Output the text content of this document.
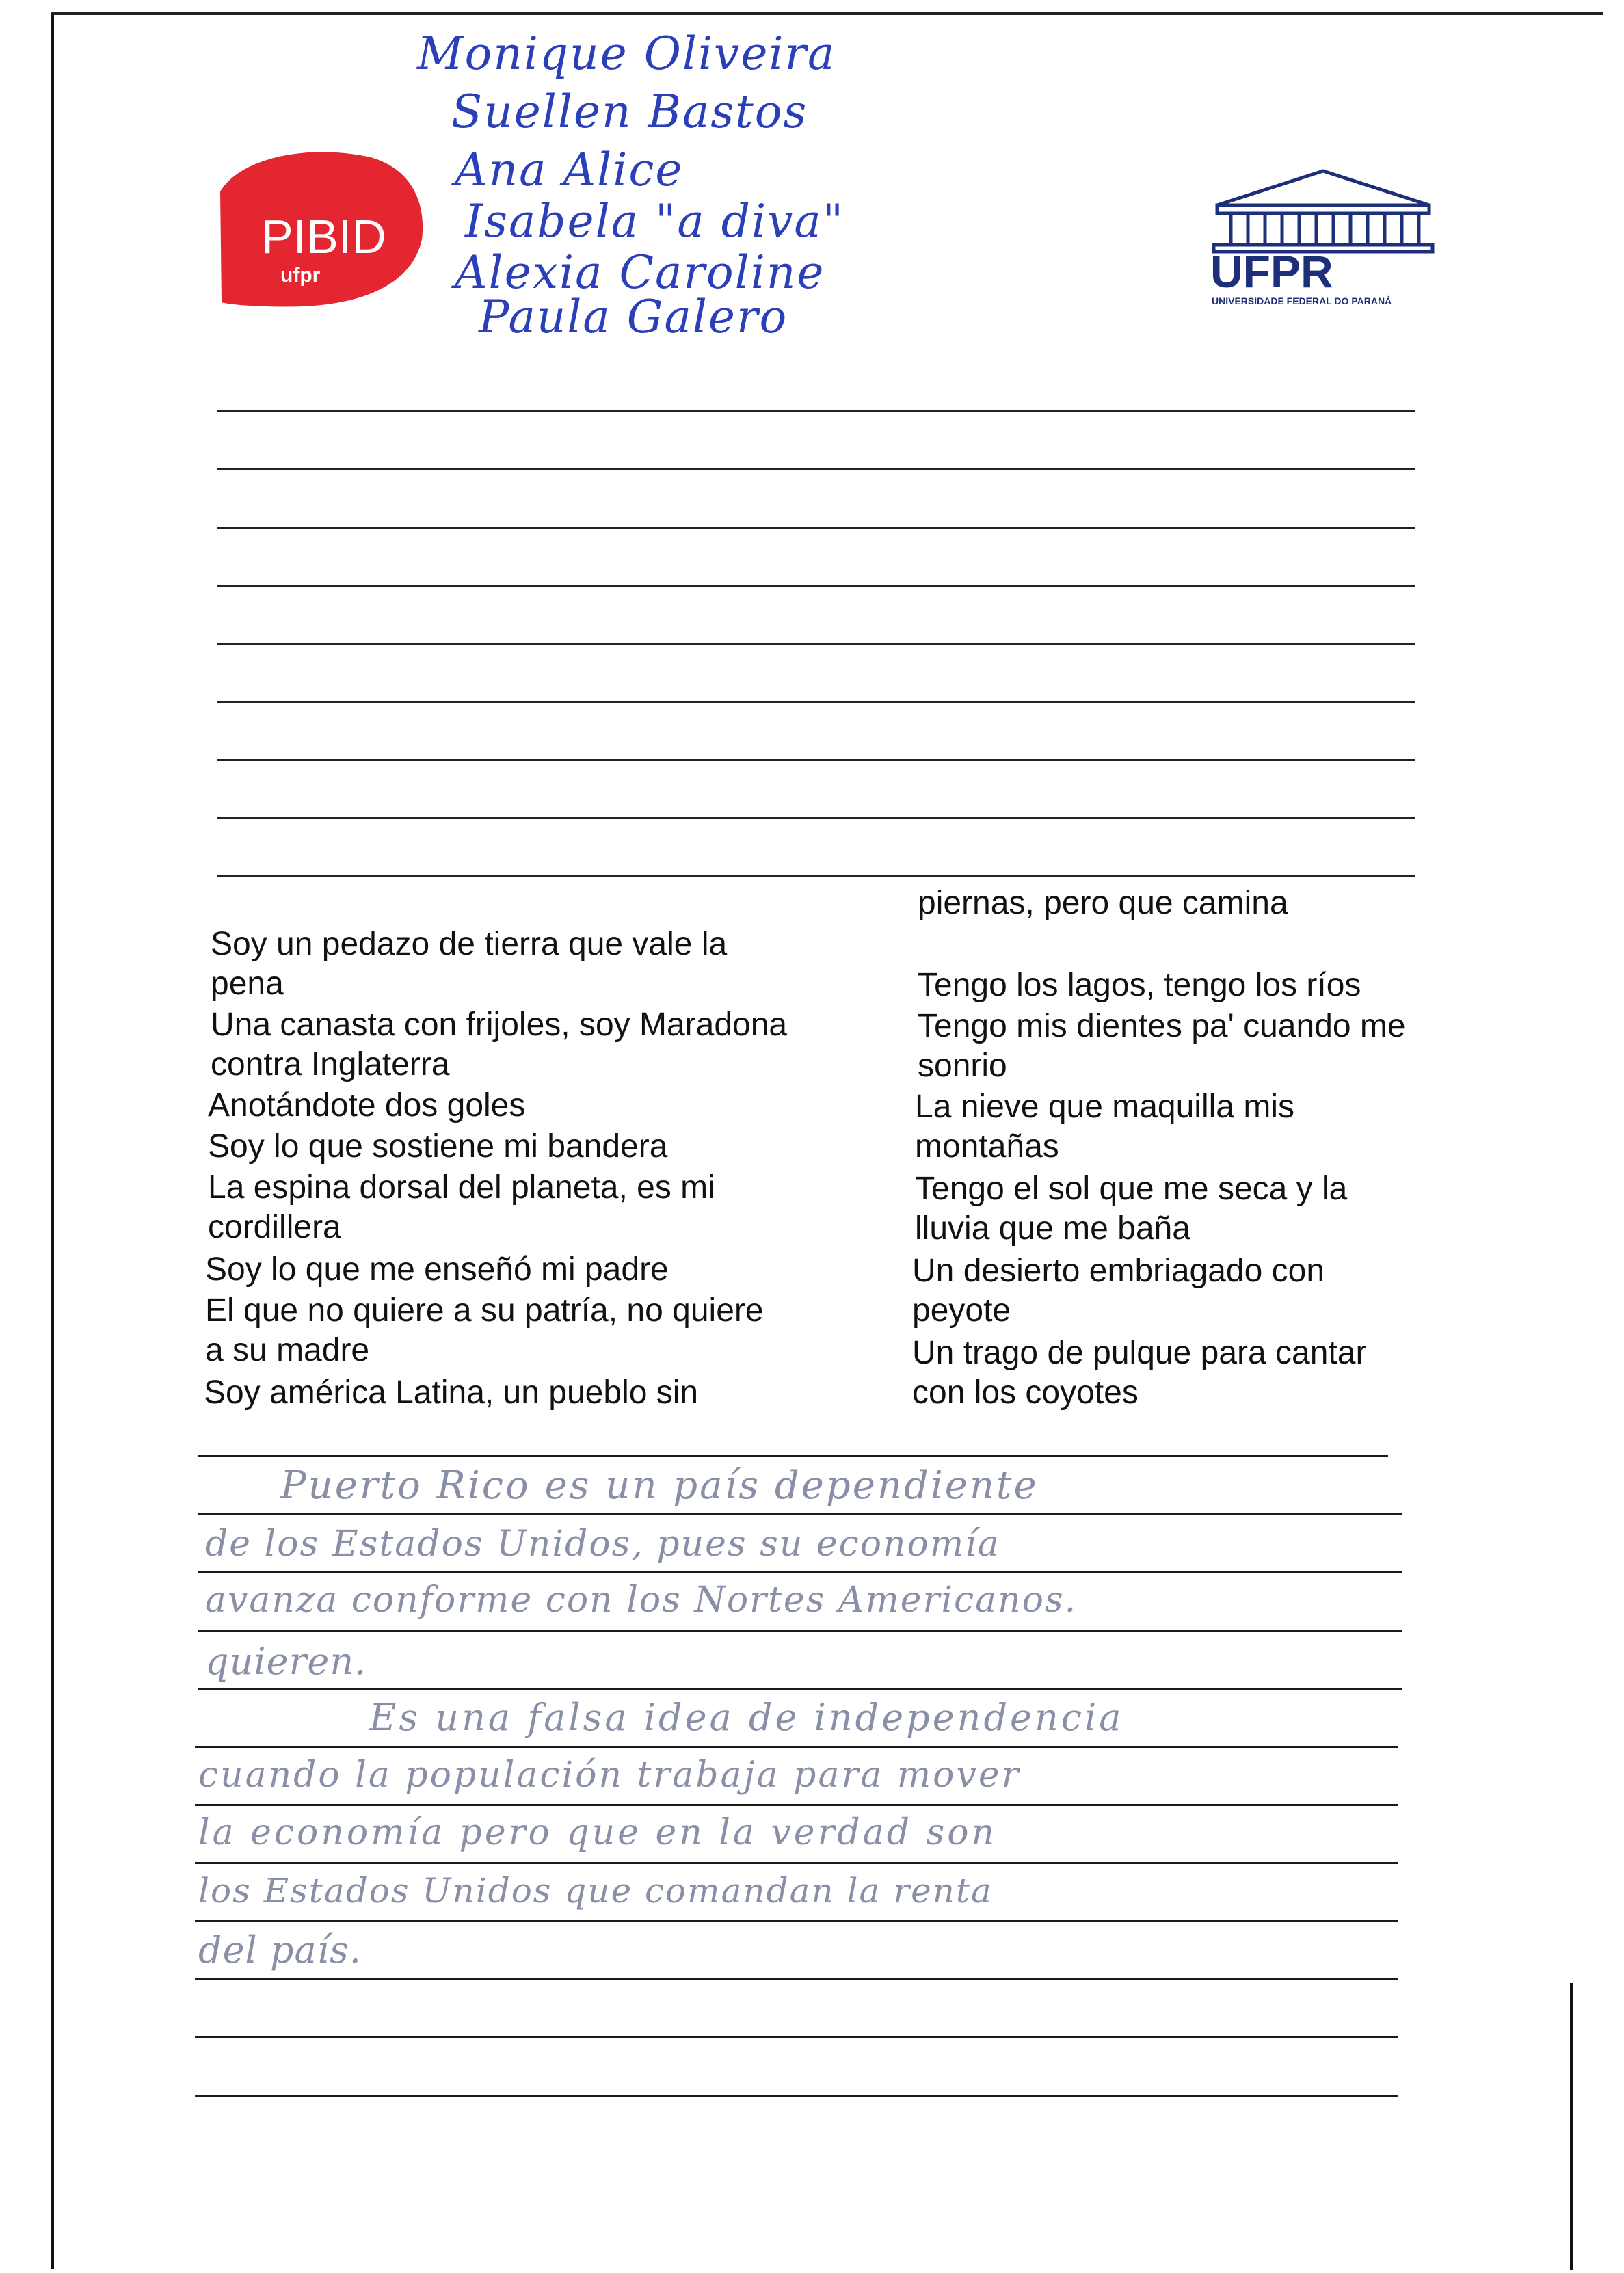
Monique Oliveira
Suellen Bastos
Ana Alice
Isabela "a diva"
Alexia Caroline
Paula Galero
PIBID
ufpr	UFPR
UNIVERSIDADE FEDERAL DO PARANÁ
Soy un pedazo de tierra que vale la
pena
Una canasta con frijoles, soy Maradona
contra Inglaterra
Anotándote dos goles
Soy lo que sostiene mi bandera
La espina dorsal del planeta, es mi
cordillera
Soy lo que me enseñó mi padre
El que no quiere a su patría, no quiere
a su madre
Soy américa Latina, un pueblo sin
piernas, pero que camina
Tengo los lagos, tengo los ríos
Tengo mis dientes pa' cuando me
sonrio
La nieve que maquilla mis
montañas
Tengo el sol que me seca y la
lluvia que me baña
Un desierto embriagado con
peyote
Un trago de pulque para cantar
con los coyotes
Puerto Rico es un país dependiente
de los Estados Unidos, pues su economía
avanza conforme con los Nortes Americanos.
quieren.
Es una falsa idea de independencia
cuando la populación trabaja para mover
la economía pero que en la verdad son
los Estados Unidos que comandan la renta
del país.
